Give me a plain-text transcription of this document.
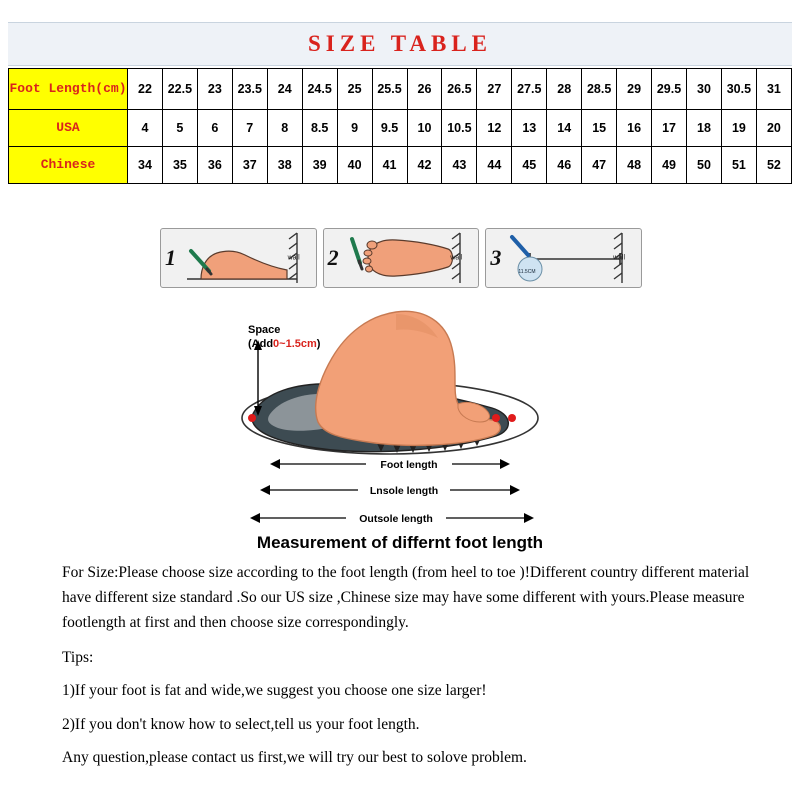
SIZE TABLE
Foot Length(cm)	22	22.5	23	23.5	24	24.5	25	25.5	26	26.5	27	27.5	28	28.5	29	29.5	30	30.5	31
USA	4	5	6	7	8	8.5	9	9.5	10	10.5	12	13	14	15	16	17	18	19	20
Chinese	34	35	36	37	38	39	40	41	42	43	44	45	46	47	48	49	50	51	52
1	wall 2	wall 3	wall
11.5CM
Foot length
Lnsole length
Outsole length
Space
(Add0~1.5cm)
Measurement of differnt foot length

For Size:Please choose size according to the foot length (from heel to toe )!Different country different material have different size standard .So our US size ,Chinese size may have some different with yours.Please measure footlength at first and then choose size correspondingly.

Tips:

1)If your foot is fat and wide,we suggest you choose one size larger!

2)If you don't know how to select,tell us your foot length.

Any question,please contact us first,we will try our best to solove problem.
